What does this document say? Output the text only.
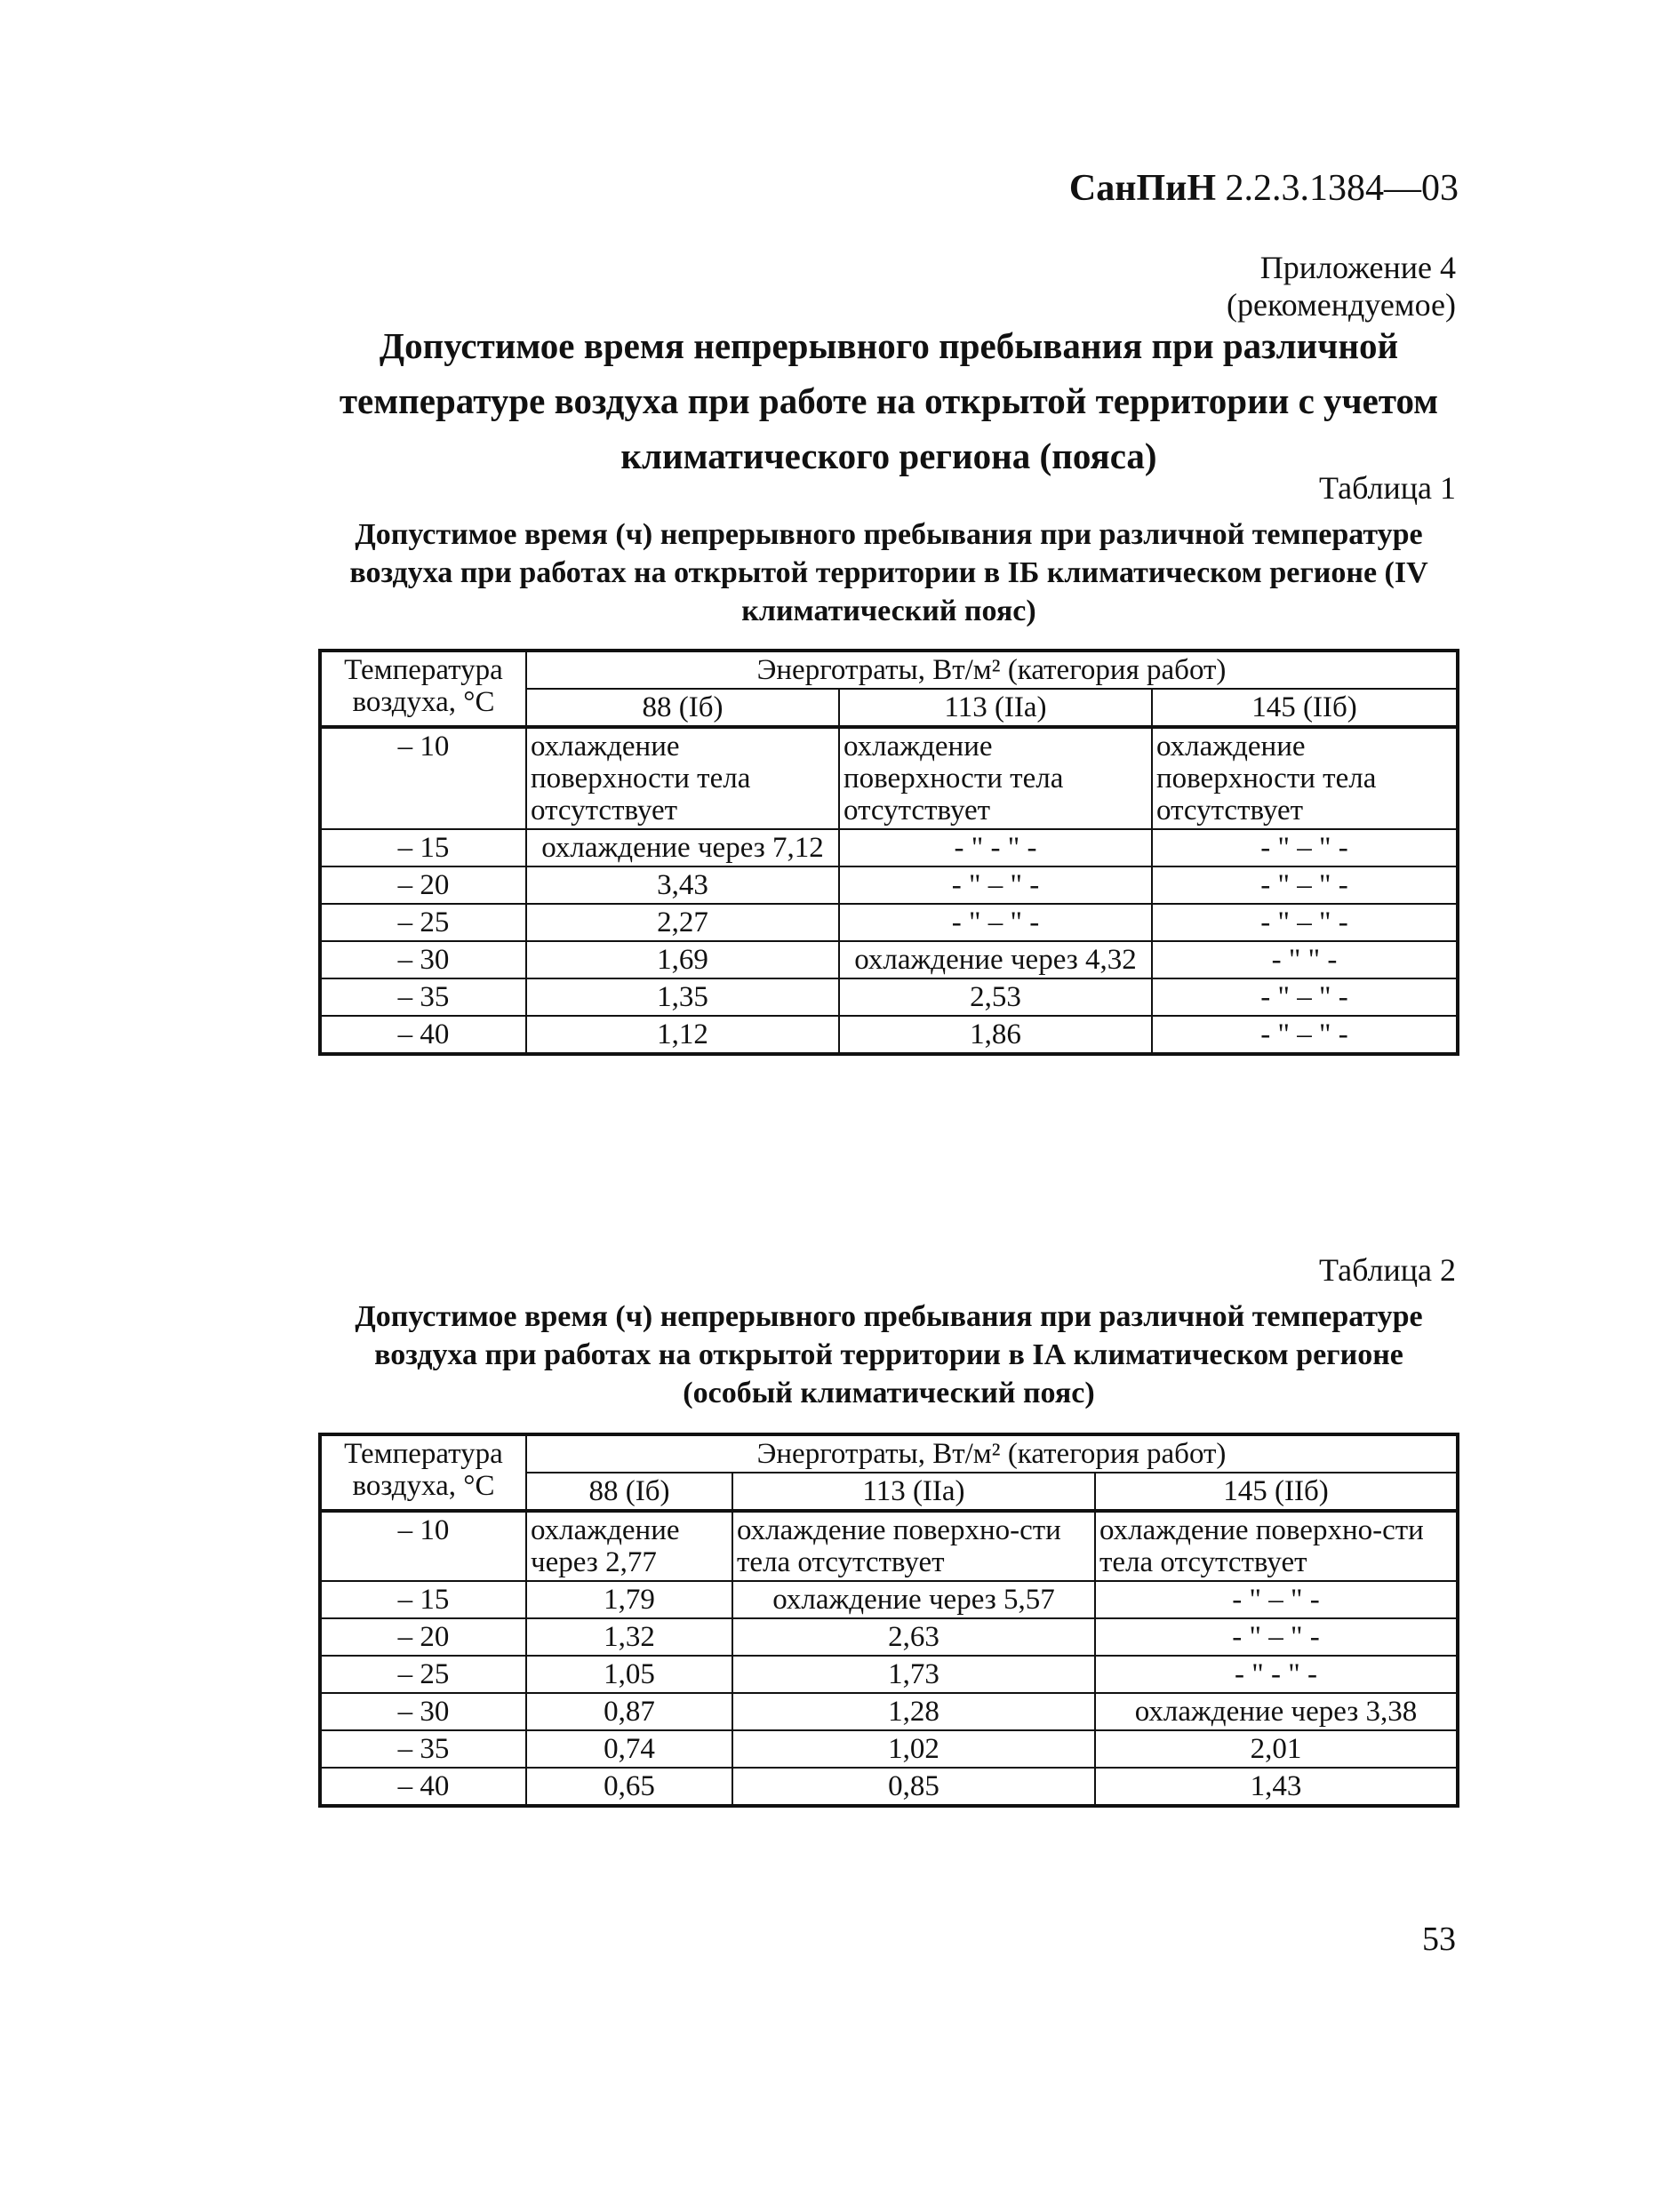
СанПиН 2.2.3.1384—03
Приложение 4
(рекомендуемое)
Допустимое время непрерывного пребывания при различной температуре воздуха при работе на открытой территории с учетом климатического региона (пояса)
Таблица 1
Допустимое время (ч) непрерывного пребывания при различной температуре воздуха при работах на открытой территории в IБ климатическом регионе (IV климатический пояс)
Температура воздуха, °С	Энерготраты, Вт/м² (категория работ)		
	88 (Iб)	113 (IIа)	145 (IIб)
– 10	охлаждение поверхности тела отсутствует	охлаждение поверхности тела отсутствует	охлаждение поверхности тела отсутствует
– 15	охлаждение через 7,12	- " - " -	- " – " -
– 20	3,43	- " – " -	- " – " -
– 25	2,27	- " – " -	- " – " -
– 30	1,69	охлаждение через 4,32	- " " -
– 35	1,35	2,53	- " – " -
– 40	1,12	1,86	- " – " -
Таблица 2
Допустимое время (ч) непрерывного пребывания при различной температуре воздуха при работах на открытой территории в IА климатическом регионе (особый климатический пояс)
Температура воздуха, °С	Энерготраты, Вт/м² (категория работ)		
	88 (Iб)	113 (IIа)	145 (IIб)
– 10	охлаждение через 2,77	охлаждение поверхно-сти тела отсутствует	охлаждение поверхно-сти тела отсутствует
– 15	1,79	охлаждение через 5,57	- " – " -
– 20	1,32	2,63	- " – " -
– 25	1,05	1,73	- " - " -
– 30	0,87	1,28	охлаждение через 3,38
– 35	0,74	1,02	2,01
– 40	0,65	0,85	1,43
53
